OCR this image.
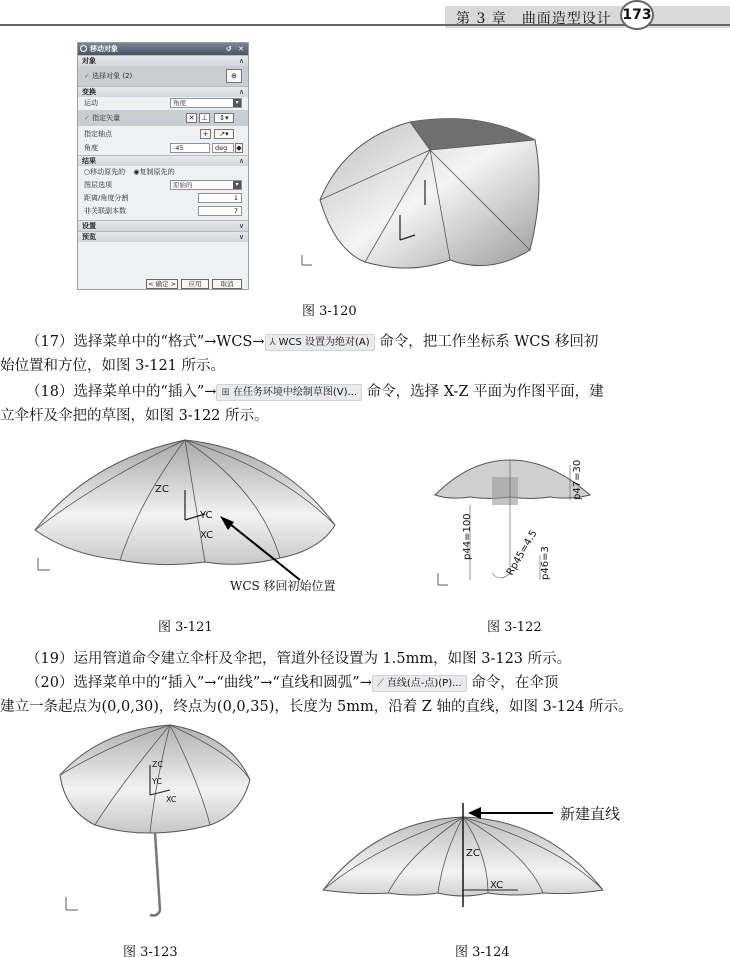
第 3 章　 曲面造型设计 173
移动对象	↺ ✕
对象	∧
✓ 选择对象 (2)	⊕
变换	∧
运动	角度	▾
✓ 指定矢量	✕	⊥	↕▾
指定轴点	+	↗▾
角度	-45	deg	◆
结果	∧
○移动原先的 ◉复制原先的
图层选项	原始的	▾
距离/角度分割	1
非关联副本数	7
设置	∨
预览	∨
< 确定 >	应用	取消
图 3-120
（17）选择菜单中的“格式”→WCS→ ⅄ WCS 设置为绝对(A) 命令，把工作坐标系 WCS 移回初
始位置和方位，如图 3-121 所示。
（18）选择菜单中的“插入”→ ⊞ 在任务环境中绘制草图(V)... 命令，选择 X-Z 平面为作图平面，建
立伞杆及伞把的草图，如图 3-122 所示。
ZC
YC
XC
WCS 移回初始位置
图 3-121
p47=30
p44=100	Rp45=4.5 p46=3
图 3-122
（19）运用管道命令建立伞杆及伞把，管道外径设置为 1.5mm，如图 3-123 所示。
（20）选择菜单中的“插入”→“曲线”→“直线和圆弧”→ ⟋ 直线(点-点)(P)... 命令，在伞顶
建立一条起点为(0,0,30)，终点为(0,0,35)，长度为 5mm，沿着 Z 轴的直线，如图 3-124 所示。
ZC
YC
XC
图 3-123
ZC
XC
新建直线
图 3-124
